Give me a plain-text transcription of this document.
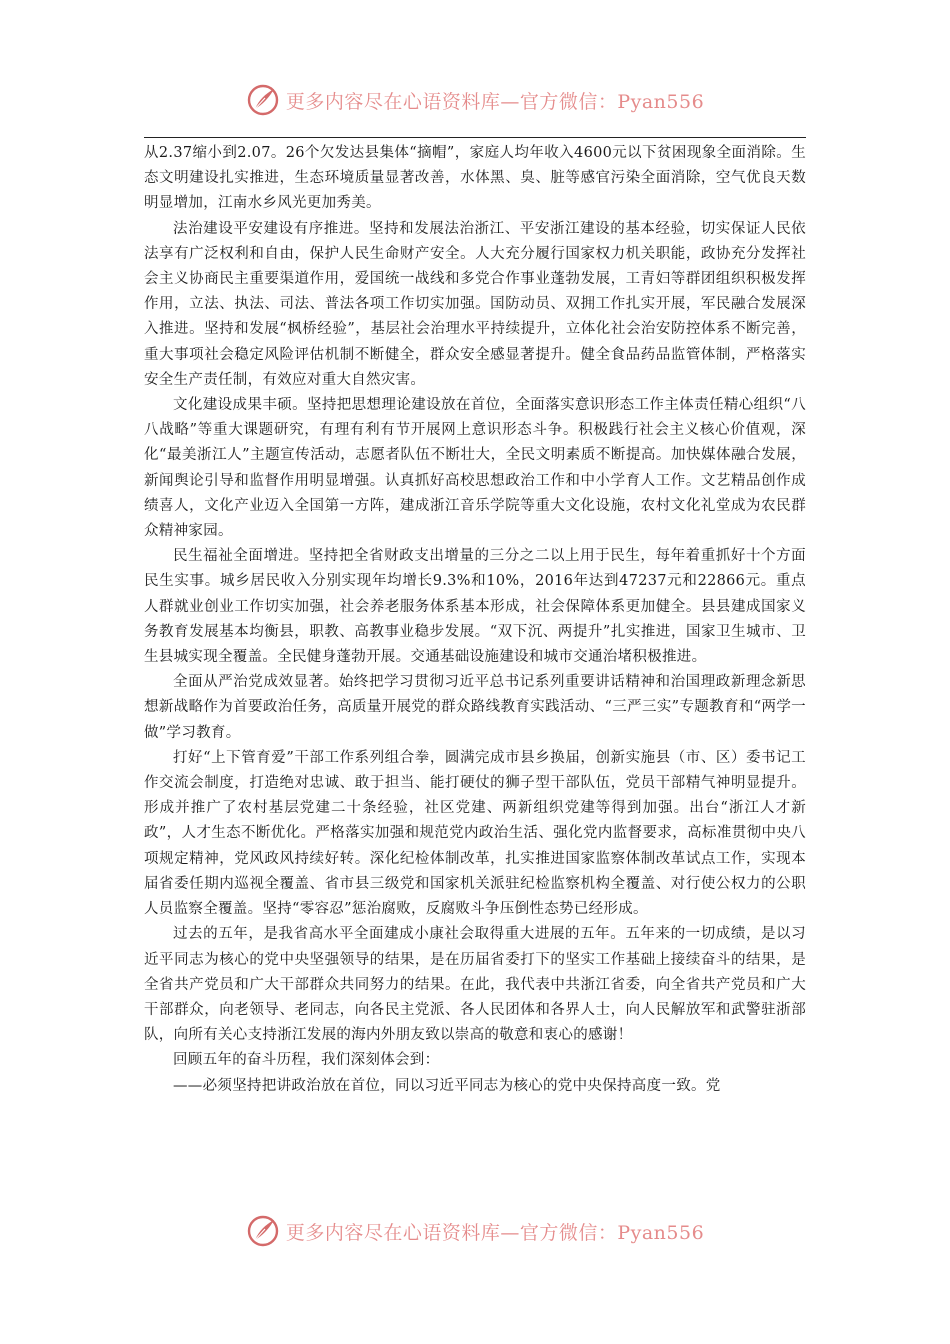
更多内容尽在心语资料库—官方微信：Pyan556

从2.37缩小到2.07。26个欠发达县集体“摘帽”，家庭人均年收入4600元以下贫困现象全面消除。生态文明建设扎实推进，生态环境质量显著改善，水体黑、臭、脏等感官污染全面消除，空气优良天数明显增加，江南水乡风光更加秀美。

法治建设平安建设有序推进。坚持和发展法治浙江、平安浙江建设的基本经验，切实保证人民依法享有广泛权利和自由，保护人民生命财产安全。人大充分履行国家权力机关职能，政协充分发挥社会主义协商民主重要渠道作用，爱国统一战线和多党合作事业蓬勃发展，工青妇等群团组织积极发挥作用，立法、执法、司法、普法各项工作切实加强。国防动员、双拥工作扎实开展，军民融合发展深入推进。坚持和发展“枫桥经验”，基层社会治理水平持续提升，立体化社会治安防控体系不断完善，重大事项社会稳定风险评估机制不断健全，群众安全感显著提升。健全食品药品监管体制，严格落实安全生产责任制，有效应对重大自然灾害。

文化建设成果丰硕。坚持把思想理论建设放在首位，全面落实意识形态工作主体责任精心组织“八八战略”等重大课题研究，有理有利有节开展网上意识形态斗争。积极践行社会主义核心价值观，深化“最美浙江人”主题宣传活动，志愿者队伍不断壮大，全民文明素质不断提高。加快媒体融合发展，新闻舆论引导和监督作用明显增强。认真抓好高校思想政治工作和中小学育人工作。文艺精品创作成绩喜人，文化产业迈入全国第一方阵，建成浙江音乐学院等重大文化设施，农村文化礼堂成为农民群众精神家园。

民生福祉全面增进。坚持把全省财政支出增量的三分之二以上用于民生，每年着重抓好十个方面民生实事。城乡居民收入分别实现年均增长9.3%和10%，2016年达到47237元和22866元。重点人群就业创业工作切实加强，社会养老服务体系基本形成，社会保障体系更加健全。县县建成国家义务教育发展基本均衡县，职教、高教事业稳步发展。“双下沉、两提升”扎实推进，国家卫生城市、卫生县城实现全覆盖。全民健身蓬勃开展。交通基础设施建设和城市交通治堵积极推进。

全面从严治党成效显著。始终把学习贯彻习近平总书记系列重要讲话精神和治国理政新理念新思想新战略作为首要政治任务，高质量开展党的群众路线教育实践活动、“三严三实”专题教育和“两学一做”学习教育。

打好“上下管育爱”干部工作系列组合拳，圆满完成市县乡换届，创新实施县（市、区）委书记工作交流会制度，打造绝对忠诚、敢于担当、能打硬仗的狮子型干部队伍，党员干部精气神明显提升。形成并推广了农村基层党建二十条经验，社区党建、两新组织党建等得到加强。出台“浙江人才新政”，人才生态不断优化。严格落实加强和规范党内政治生活、强化党内监督要求，高标准贯彻中央八项规定精神，党风政风持续好转。深化纪检体制改革，扎实推进国家监察体制改革试点工作，实现本届省委任期内巡视全覆盖、省市县三级党和国家机关派驻纪检监察机构全覆盖、对行使公权力的公职人员监察全覆盖。坚持“零容忍”惩治腐败，反腐败斗争压倒性态势已经形成。

过去的五年，是我省高水平全面建成小康社会取得重大进展的五年。五年来的一切成绩，是以习近平同志为核心的党中央坚强领导的结果，是在历届省委打下的坚实工作基础上接续奋斗的结果，是全省共产党员和广大干部群众共同努力的结果。在此，我代表中共浙江省委，向全省共产党员和广大干部群众，向老领导、老同志，向各民主党派、各人民团体和各界人士，向人民解放军和武警驻浙部队，向所有关心支持浙江发展的海内外朋友致以崇高的敬意和衷心的感谢！

回顾五年的奋斗历程，我们深刻体会到：

——必须坚持把讲政治放在首位，同以习近平同志为核心的党中央保持高度一致。党

更多内容尽在心语资料库—官方微信：Pyan556
